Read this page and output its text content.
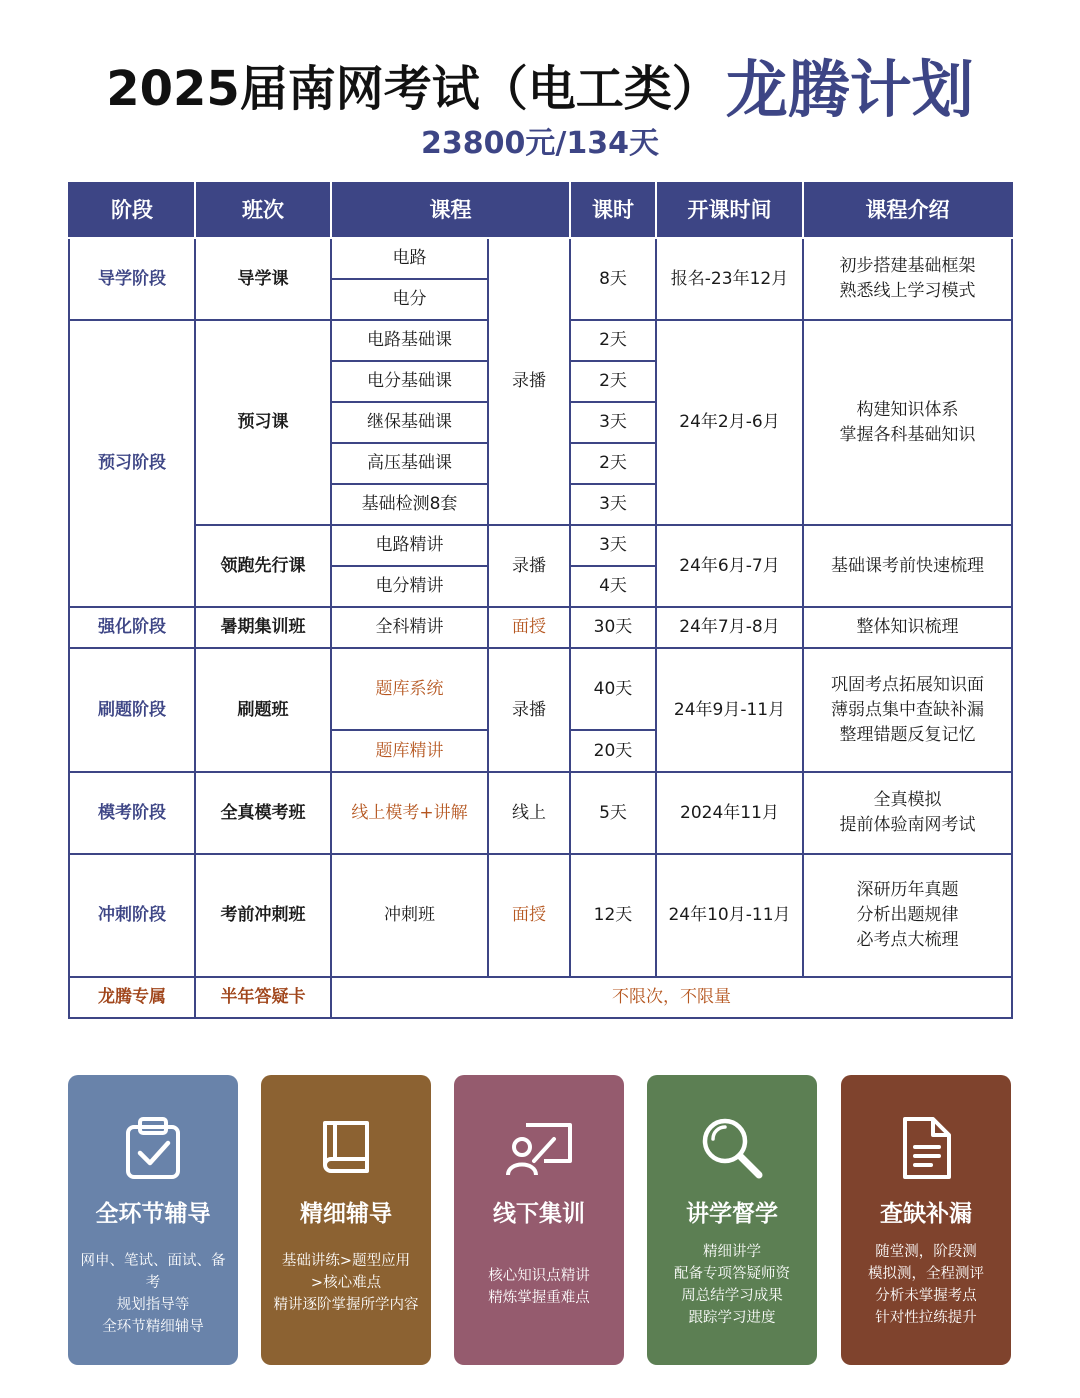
2025届南网考试（电工类）龙腾计划
23800元/134天
阶段	班次	课程		课时	开课时间	课程介绍
导学阶段	导学课	电路	录播	8天	报名-23年12月	初步搭建基础框架
熟悉线上学习模式

		电分				
预习阶段	预习课	电路基础课		2天	24年2月-6月	构建知识体系
掌握各科基础知识

		电分基础课		2天		
		继保基础课		3天		
		高压基础课		2天		
		基础检测8套		3天		
	领跑先行课	电路精讲	录播	3天	24年6月-7月	基础课考前快速梳理
		电分精讲		4天		
强化阶段	暑期集训班	全科精讲	面授	30天	24年7月-8月	整体知识梳理
刷题阶段	刷题班	题库系统	录播	40天	24年9月-11月	巩固考点拓展知识面
薄弱点集中查缺补漏
整理错题反复记忆

		题库精讲		20天		
模考阶段	全真模考班	线上模考+讲解	线上	5天	2024年11月	全真模拟
提前体验南网考试

冲刺阶段	考前冲刺班	冲刺班	面授	12天	24年10月-11月	深研历年真题
分析出题规律
必考点大梳理

龙腾专属	半年答疑卡	不限次，不限量				
全环节辅导
网申、笔试、面试、备考
规划指导等
全环节精细辅导
精细辅导
基础讲练>题型应用
>核心难点
精讲逐阶掌握所学内容
线下集训
核心知识点精讲
精炼掌握重难点
讲学督学
精细讲学
配备专项答疑师资
周总结学习成果
跟踪学习进度
查缺补漏
随堂测，阶段测
模拟测，全程测评
分析未掌握考点
针对性拉练提升
